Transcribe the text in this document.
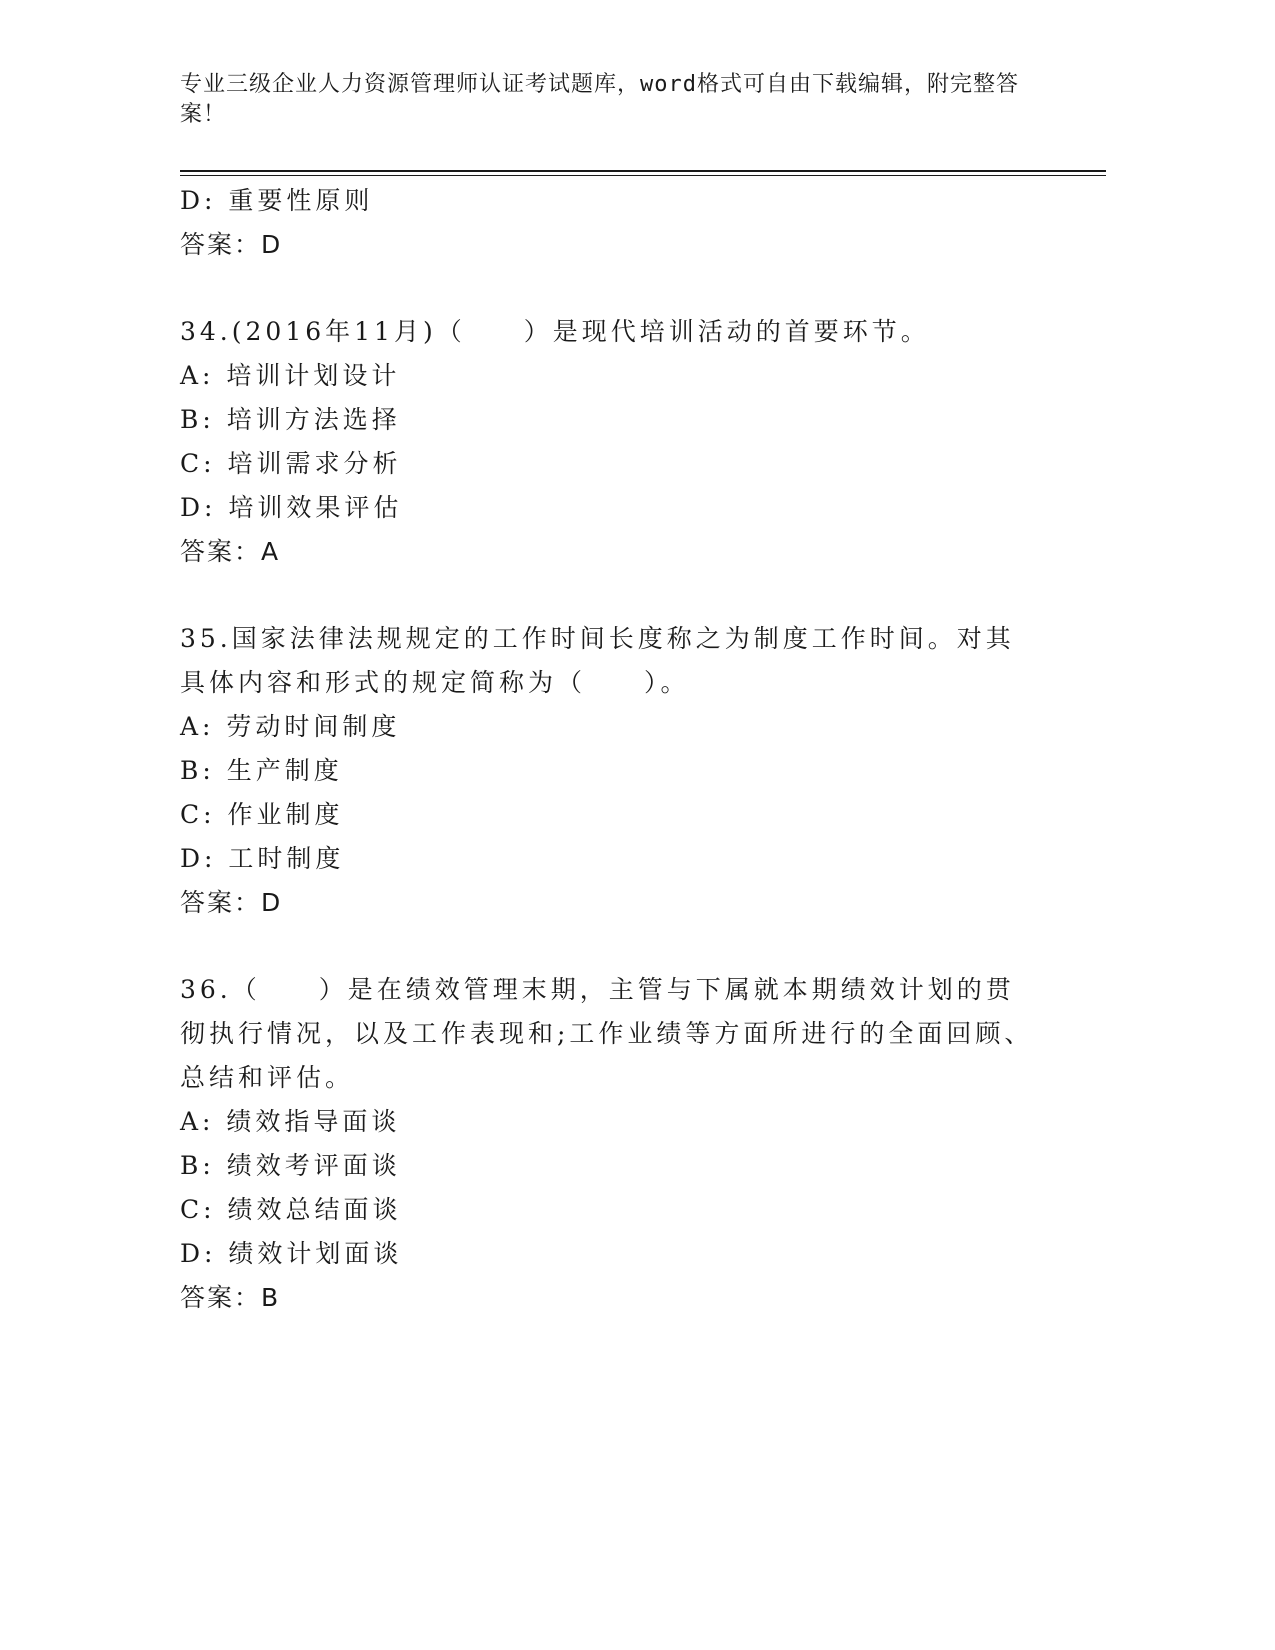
专业三级企业人力资源管理师认证考试题库，word格式可自由下载编辑，附完整答案！
D: 重要性原则
答案：D
34.(2016年11月)（　　）是现代培训活动的首要环节。
A: 培训计划设计
B: 培训方法选择
C: 培训需求分析
D: 培训效果评估
答案：A
35.国家法律法规规定的工作时间长度称之为制度工作时间。对其具体内容和形式的规定简称为（　　）。
A: 劳动时间制度
B: 生产制度
C: 作业制度
D: 工时制度
答案：D
36.（　　）是在绩效管理末期，主管与下属就本期绩效计划的贯彻执行情况，以及工作表现和;工作业绩等方面所进行的全面回顾、总结和评估。
A: 绩效指导面谈
B: 绩效考评面谈
C: 绩效总结面谈
D: 绩效计划面谈
答案：B
